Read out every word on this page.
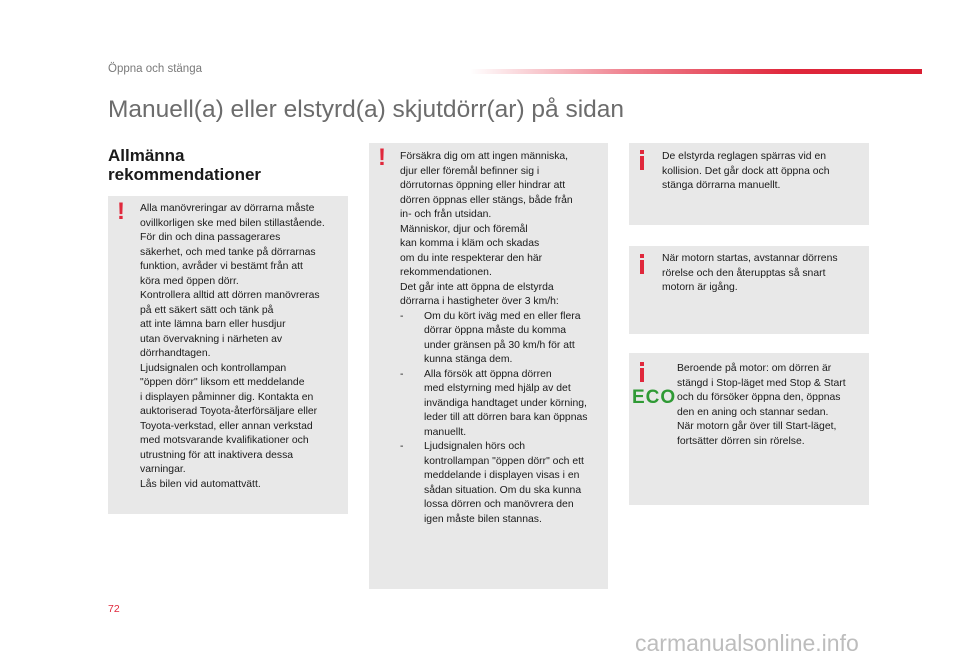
Öppna och stänga
Manuell(a) eller elstyrd(a) skjutdörr(ar) på sidan
Allmänna
rekommendationer
! Alla manövreringar av dörrarna måste
ovillkorligen ske med bilen stillastående.
För din och dina passagerares
säkerhet, och med tanke på dörrarnas
funktion, avråder vi bestämt från att
köra med öppen dörr.
Kontrollera alltid att dörren manövreras
på ett säkert sätt och tänk på
att inte lämna barn eller husdjur
utan övervakning i närheten av
dörrhandtagen.
Ljudsignalen och kontrollampan
"öppen dörr" liksom ett meddelande
i displayen påminner dig. Kontakta en
auktoriserad Toyota-återförsäljare eller
Toyota-verkstad, eller annan verkstad
med motsvarande kvalifikationer och
utrustning för att inaktivera dessa
varningar.
Lås bilen vid automattvätt.
! Försäkra dig om att ingen människa,
djur eller föremål befinner sig i
dörrutornas öppning eller hindrar att
dörren öppnas eller stängs, både från
in- och från utsidan.
Människor, djur och föremål
kan komma i kläm och skadas
om du inte respekterar den här
rekommendationen.
Det går inte att öppna de elstyrda
dörrarna i hastigheter över 3 km/h:
- Om du kört iväg med en eller flera
dörrar öppna måste du komma
under gränsen på 30 km/h för att
kunna stänga dem.
- Alla försök att öppna dörren
med elstyrning med hjälp av det
invändiga handtaget under körning,
leder till att dörren bara kan öppnas
manuellt.
- Ljudsignalen hörs och
kontrollampan "öppen dörr" och ett
meddelande i displayen visas i en
sådan situation. Om du ska kunna
lossa dörren och manövrera den
igen måste bilen stannas.
De elstyrda reglagen spärras vid en
kollision. Det går dock att öppna och
stänga dörrarna manuellt.
När motorn startas, avstannar dörrens
rörelse och den återupptas så snart
motorn är igång.
ECO
Beroende på motor: om dörren är
stängd i Stop-läget med Stop & Start
och du försöker öppna den, öppnas
den en aning och stannar sedan.
När motorn går över till Start-läget,
fortsätter dörren sin rörelse.
72
carmanualsonline.info
